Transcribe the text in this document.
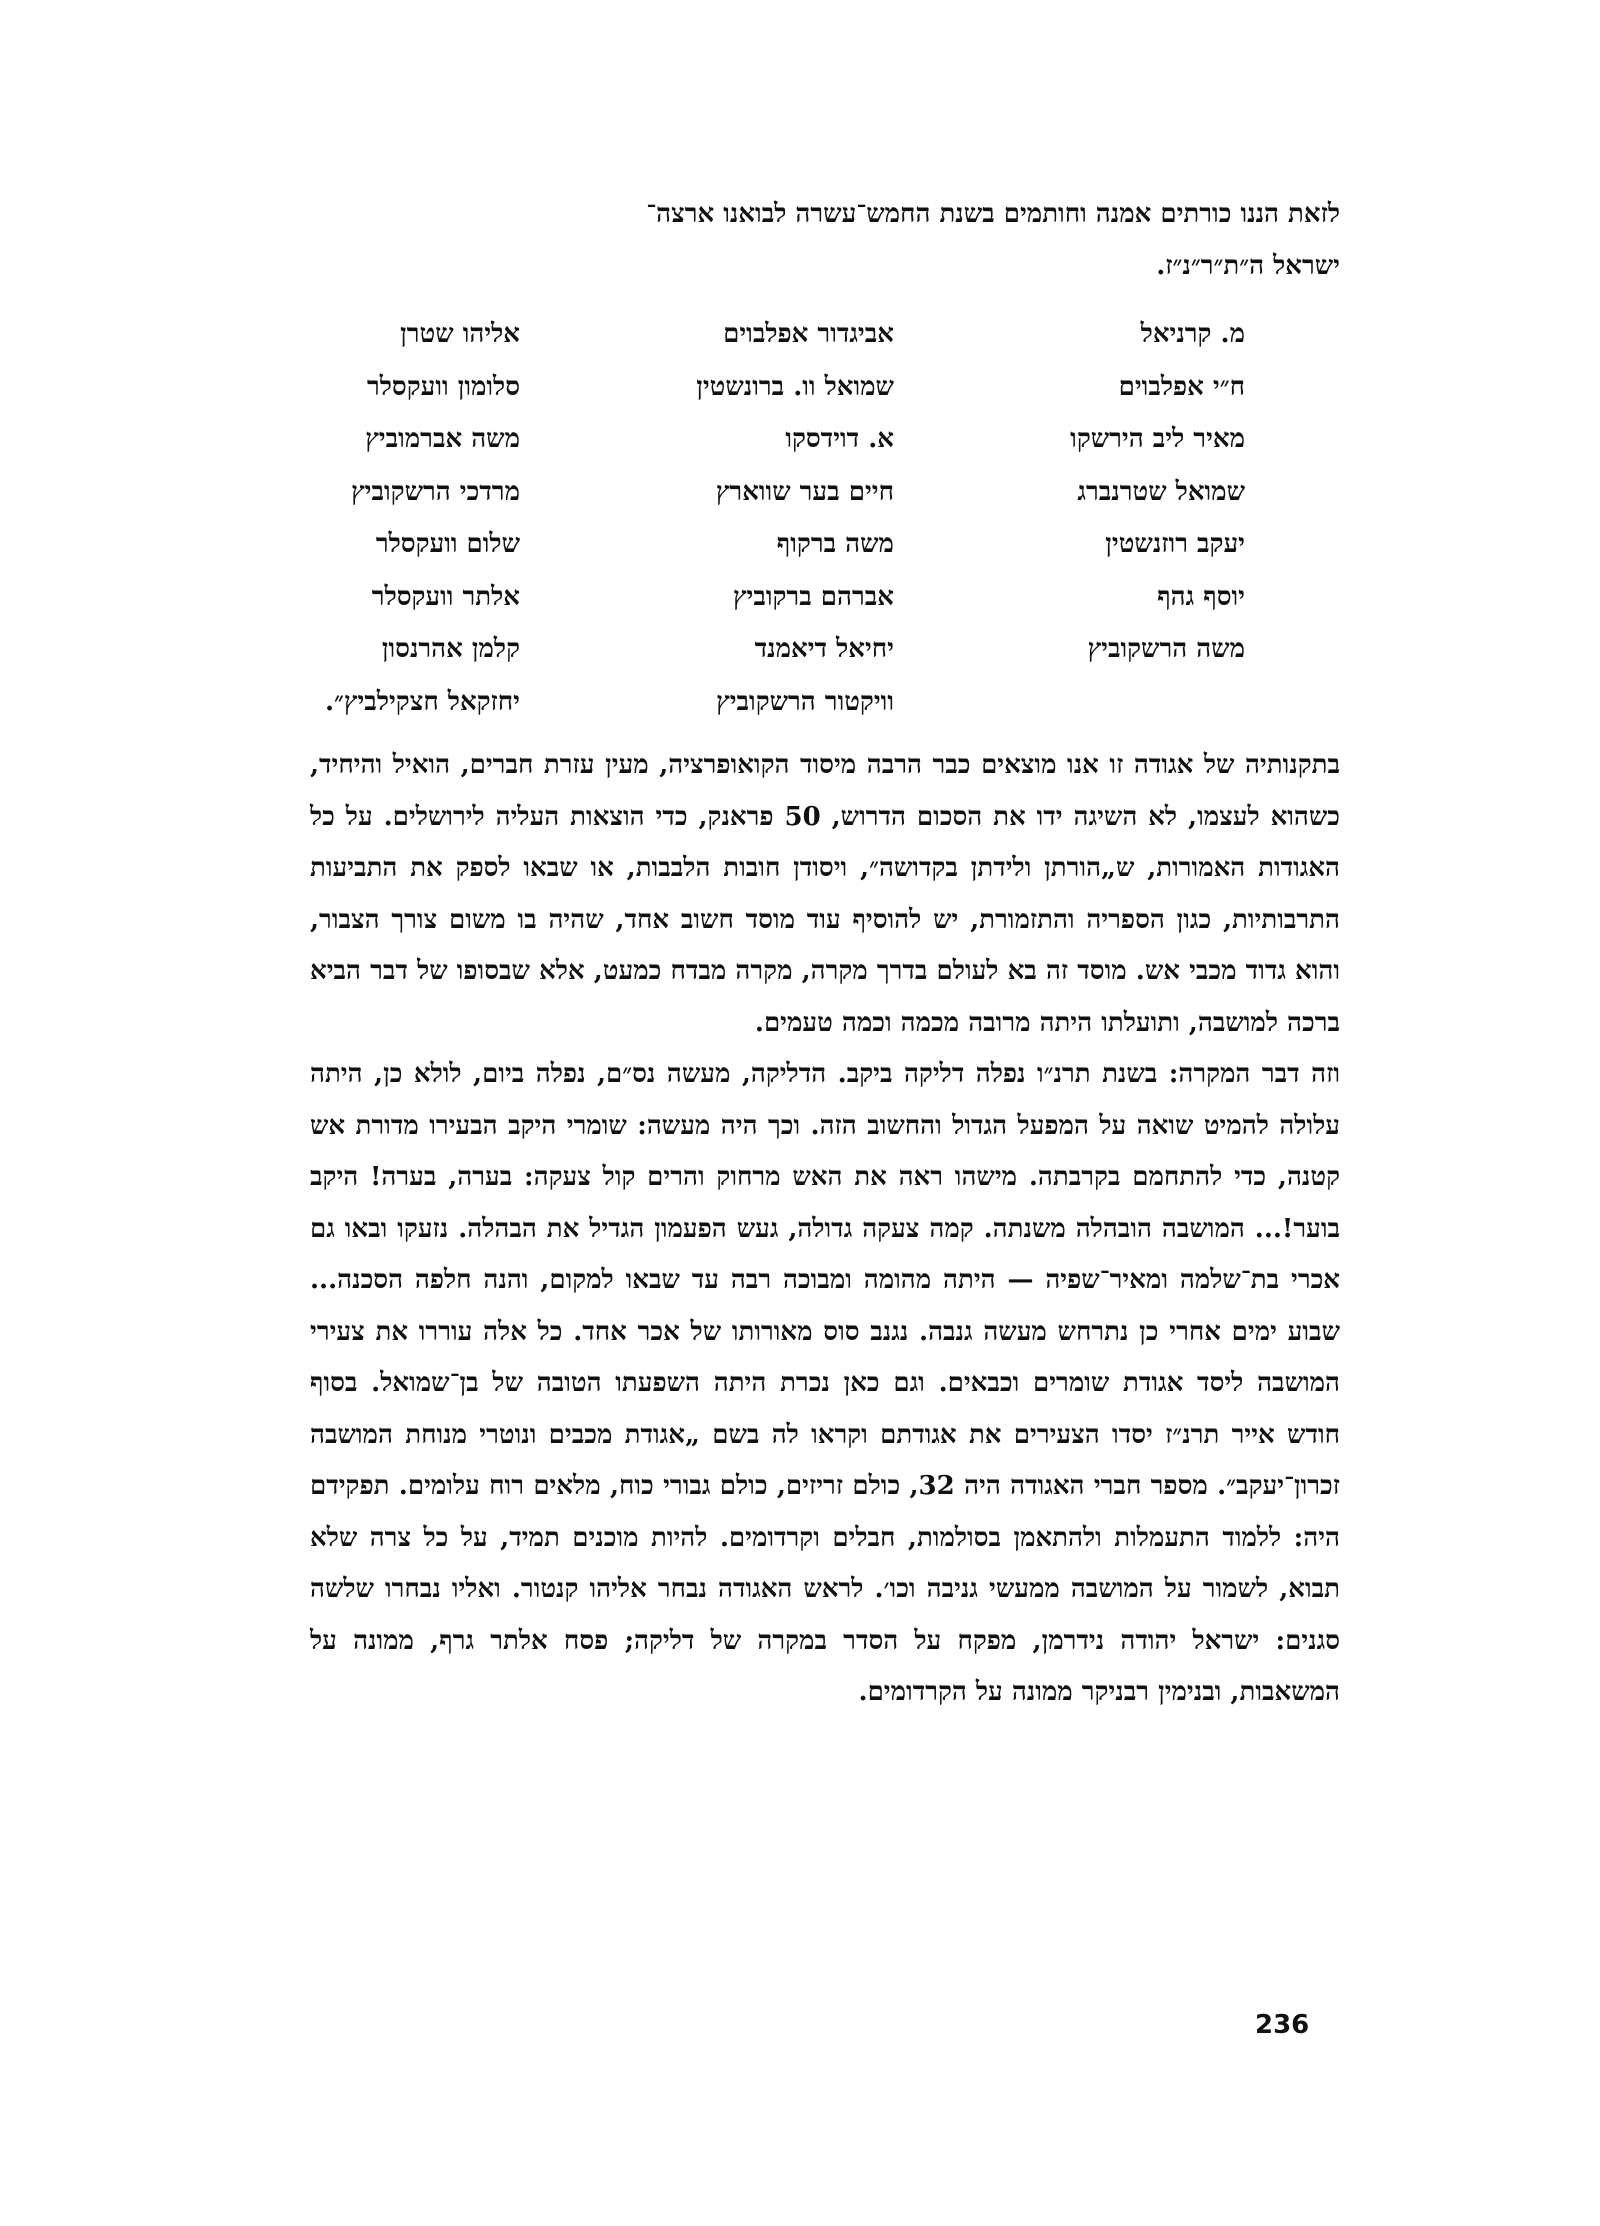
לזאת הננו כורתים אמנה וחותמים בשנת החמש־עשרה לבואנו ארצה־

ישראל ה״ת״ר״נ״ז.

מ. קרניאל
ח״י אפלבוים
מאיר ליב הירשקו
שמואל שטרנברג
יעקב רוזנשטין
יוסף גהף
משה הרשקוביץ
אביגדור אפלבוים
שמואל וו. ברונשטין
א. דוידסקו
חיים בער שווארץ
משה ברקוף
אברהם ברקוביץ
יחיאל דיאמנד
וויקטור הרשקוביץ
אליהו שטרן
סלומון וועקסלר
משה אברמוביץ
מרדכי הרשקוביץ
שלום וועקסלר
אלתר וועקסלר
קלמן אהרנסון
יחזקאל חצקילביץ״.

בתקנותיה של אגודה זו אנו מוצאים כבר הרבה מיסוד הקואופרציה, מעין עזרת חברים, הואיל והיחיד, כשהוא לעצמו, לא השיגה ידו את הסכום הדרוש, 50 פראנק, כדי הוצאות העליה לירושלים. על כל האגודות האמורות, ש„הורתן ולידתן בקדושה״, ויסודן חובות הלבבות, או שבאו לספק את התביעות התרבותיות, כגון הספריה והתזמורת, יש להוסיף עוד מוסד חשוב אחד, שהיה בו משום צורך הצבור, והוא גדוד מכבי אש. מוסד זה בא לעולם בדרך מקרה, מקרה מבדח כמעט, אלא שבסופו של דבר הביא ברכה למושבה, ותועלתו היתה מרובה מכמה וכמה טעמים.

וזה דבר המקרה: בשנת תרנ״ו נפלה דליקה ביקב. הדליקה, מעשה נס״ם, נפלה ביום, לולא כן, היתה עלולה להמיט שואה על המפעל הגדול והחשוב הזה. וכך היה מעשה: שומרי היקב הבעירו מדורת אש קטנה, כדי להתחמם בקרבתה. מישהו ראה את האש מרחוק והרים קול צעקה: בערה, בערה! היקב בוער!... המושבה הובהלה משנתה. קמה צעקה גדולה, געש הפעמון הגדיל את הבהלה. נזעקו ובאו גם אכרי בת־שלמה ומאיר־שפיה — היתה מהומה ומבוכה רבה עד שבאו למקום, והנה חלפה הסכנה... שבוע ימים אחרי כן נתרחש מעשה גנבה. נגנב סוס מאורותו של אכר אחד. כל אלה עוררו את צעירי המושבה ליסד אגודת שומרים וכבאים. וגם כאן נכרת היתה השפעתו הטובה של בן־שמואל. בסוף חודש אייר תרנ״ז יסדו הצעירים את אגודתם וקראו לה בשם „אגודת מכבים ונוטרי מנוחת המושבה זכרון־יעקב״. מספר חברי האגודה היה 32, כולם זריזים, כולם גבורי כוח, מלאים רוח עלומים. תפקידם היה: ללמוד התעמלות ולהתאמן בסולמות, חבלים וקרדומים. להיות מוכנים תמיד, על כל צרה שלא תבוא, לשמור על המושבה ממעשי גניבה וכו׳. לראש האגודה נבחר אליהו קנטור. ואליו נבחרו שלשה סגנים: ישראל יהודה נידרמן, מפקח על הסדר במקרה של דליקה; פסח אלתר גרף, ממונה על המשאבות, ובנימין רבניקר ממונה על הקרדומים.

236
